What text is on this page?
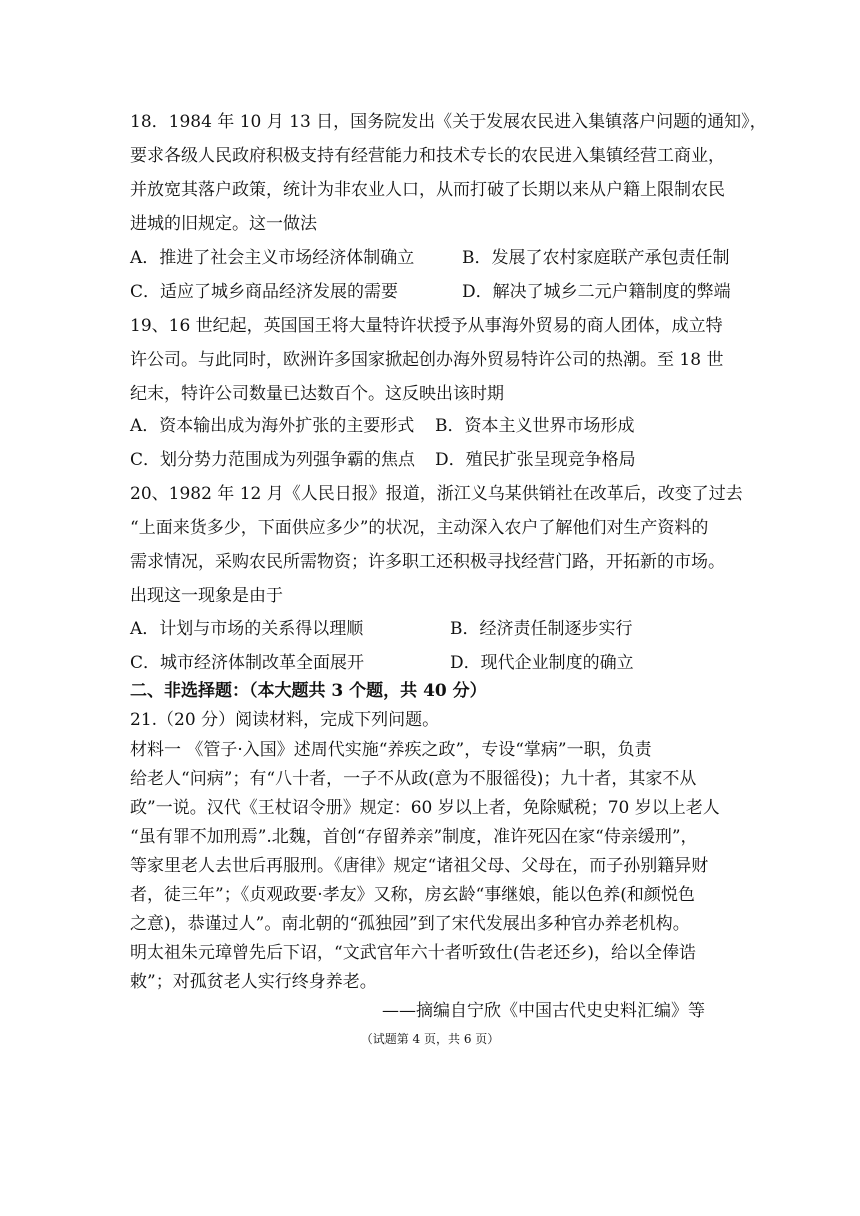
18．1984 年 10 月 13 日，国务院发出《关于发展农民进入集镇落户问题的通知》，
要求各级人民政府积极支持有经营能力和技术专长的农民进入集镇经营工商业，
并放宽其落户政策，统计为非农业人口，从而打破了长期以来从户籍上限制农民
进城的旧规定。这一做法
A．推进了社会主义市场经济体制确立	B．发展了农村家庭联产承包责任制
C．适应了城乡商品经济发展的需要	D．解决了城乡二元户籍制度的弊端
19、16 世纪起，英国国王将大量特许状授予从事海外贸易的商人团体，成立特
许公司。与此同时，欧洲许多国家掀起创办海外贸易特许公司的热潮。至 18 世
纪末，特许公司数量已达数百个。这反映出该时期
A．资本输出成为海外扩张的主要形式 B．资本主义世界市场形成
C．划分势力范围成为列强争霸的焦点 D．殖民扩张呈现竞争格局
20、1982 年 12 月《人民日报》报道，浙江义乌某供销社在改革后，改变了过去
“上面来货多少，下面供应多少”的状况，主动深入农户了解他们对生产资料的
需求情况，采购农民所需物资；许多职工还积极寻找经营门路，开拓新的市场。
出现这一现象是由于
A．计划与市场的关系得以理顺	B．经济责任制逐步实行
C．城市经济体制改革全面展开	D．现代企业制度的确立
二、非选择题：（本大题共 3 个题，共 40 分）
21.（20 分）阅读材料，完成下列问题。
材料一 《管子·入国》述周代实施“养疾之政”，专设“掌病”一职，负责
给老人“问病”；有“八十者，一子不从政(意为不服徭役)；九十者，其家不从
政”一说。汉代《王杖诏令册》规定：60 岁以上者，免除赋税；70 岁以上老人
“虽有罪不加刑焉”.北魏，首创“存留养亲”制度，准许死囚在家“侍亲缓刑”，
等家里老人去世后再服刑。《唐律》规定“诸祖父母、父母在，而子孙别籍异财
者，徒三年”；《贞观政要·孝友》又称，房玄龄“事继娘，能以色养(和颜悦色
之意)，恭谨过人”。南北朝的“孤独园”到了宋代发展出多种官办养老机构。
明太祖朱元璋曾先后下诏，“文武官年六十者听致仕(告老还乡)，给以全俸诰
敕”；对孤贫老人实行终身养老。
——摘编自宁欣《中国古代史史料汇编》等
（试题第 4 页，共 6 页）
